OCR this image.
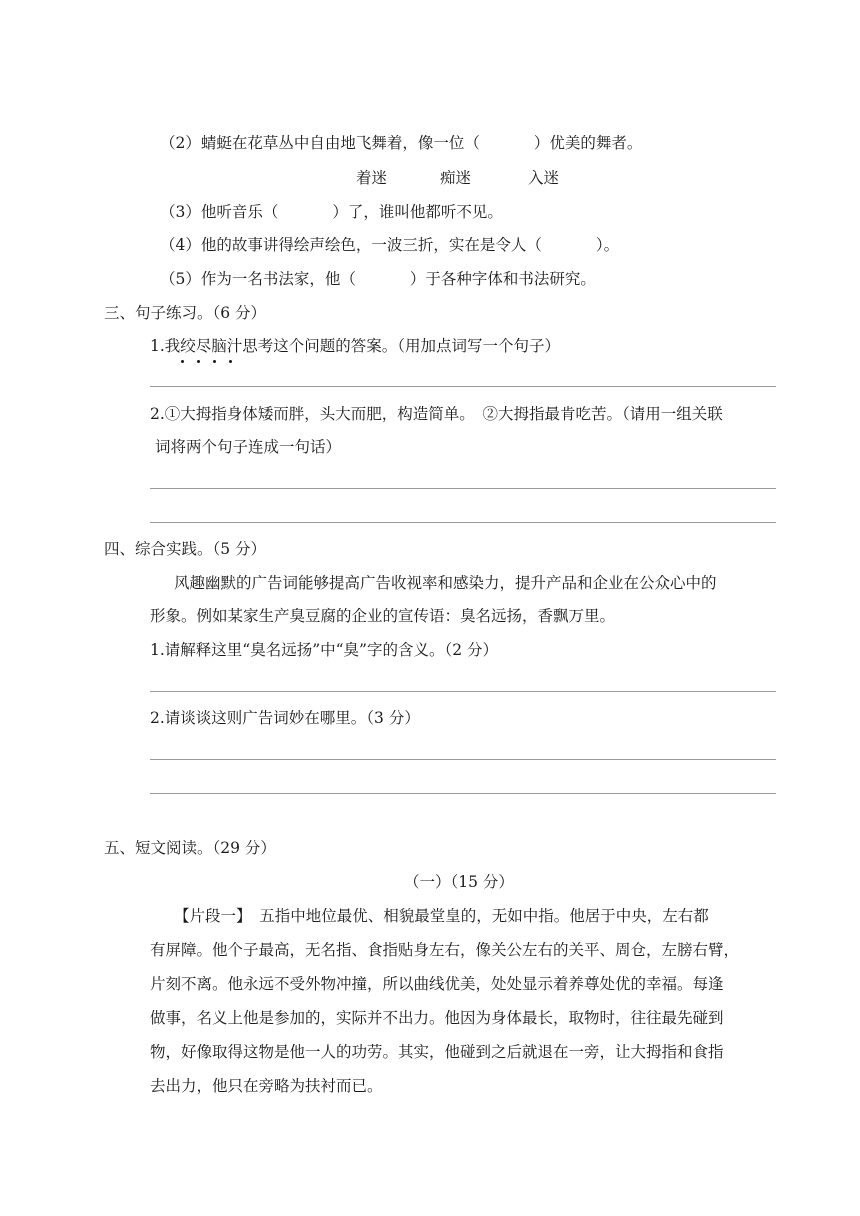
（2）蜻蜓在花草丛中自由地飞舞着，像一位（	）优美的舞者。
着迷	痴迷	入迷
（3）他听音乐（	）了，谁叫他都听不见。
（4）他的故事讲得绘声绘色，一波三折，实在是令人（	）。
（5）作为一名书法家，他（	）于各种字体和书法研究。
三、句子练习。（6 分）
1.我绞尽脑汁思考这个问题的答案。（用加点词写一个句子）
2.①大拇指身体矮而胖，头大而肥，构造简单。　②大拇指最肯吃苦。（请用一组关联
词将两个句子连成一句话）
四、综合实践。（5 分）
风趣幽默的广告词能够提高广告收视率和感染力，提升产品和企业在公众心中的
形象。例如某家生产臭豆腐的企业的宣传语：臭名远扬，香飘万里。
1.请解释这里“臭名远扬”中“臭”字的含义。（2 分）
2.请谈谈这则广告词妙在哪里。（3 分）
五、短文阅读。（29 分）
（一）（15 分）
【片段一】　五指中地位最优、相貌最堂皇的，无如中指。他居于中央，左右都
有屏障。他个子最高，无名指、食指贴身左右，像关公左右的关平、周仓，左膀右臂，
片刻不离。他永远不受外物冲撞，所以曲线优美，处处显示着养尊处优的幸福。每逢
做事，名义上他是参加的，实际并不出力。他因为身体最长，取物时，往往最先碰到
物，好像取得这物是他一人的功劳。其实，他碰到之后就退在一旁，让大拇指和食指
去出力，他只在旁略为扶衬而已。
